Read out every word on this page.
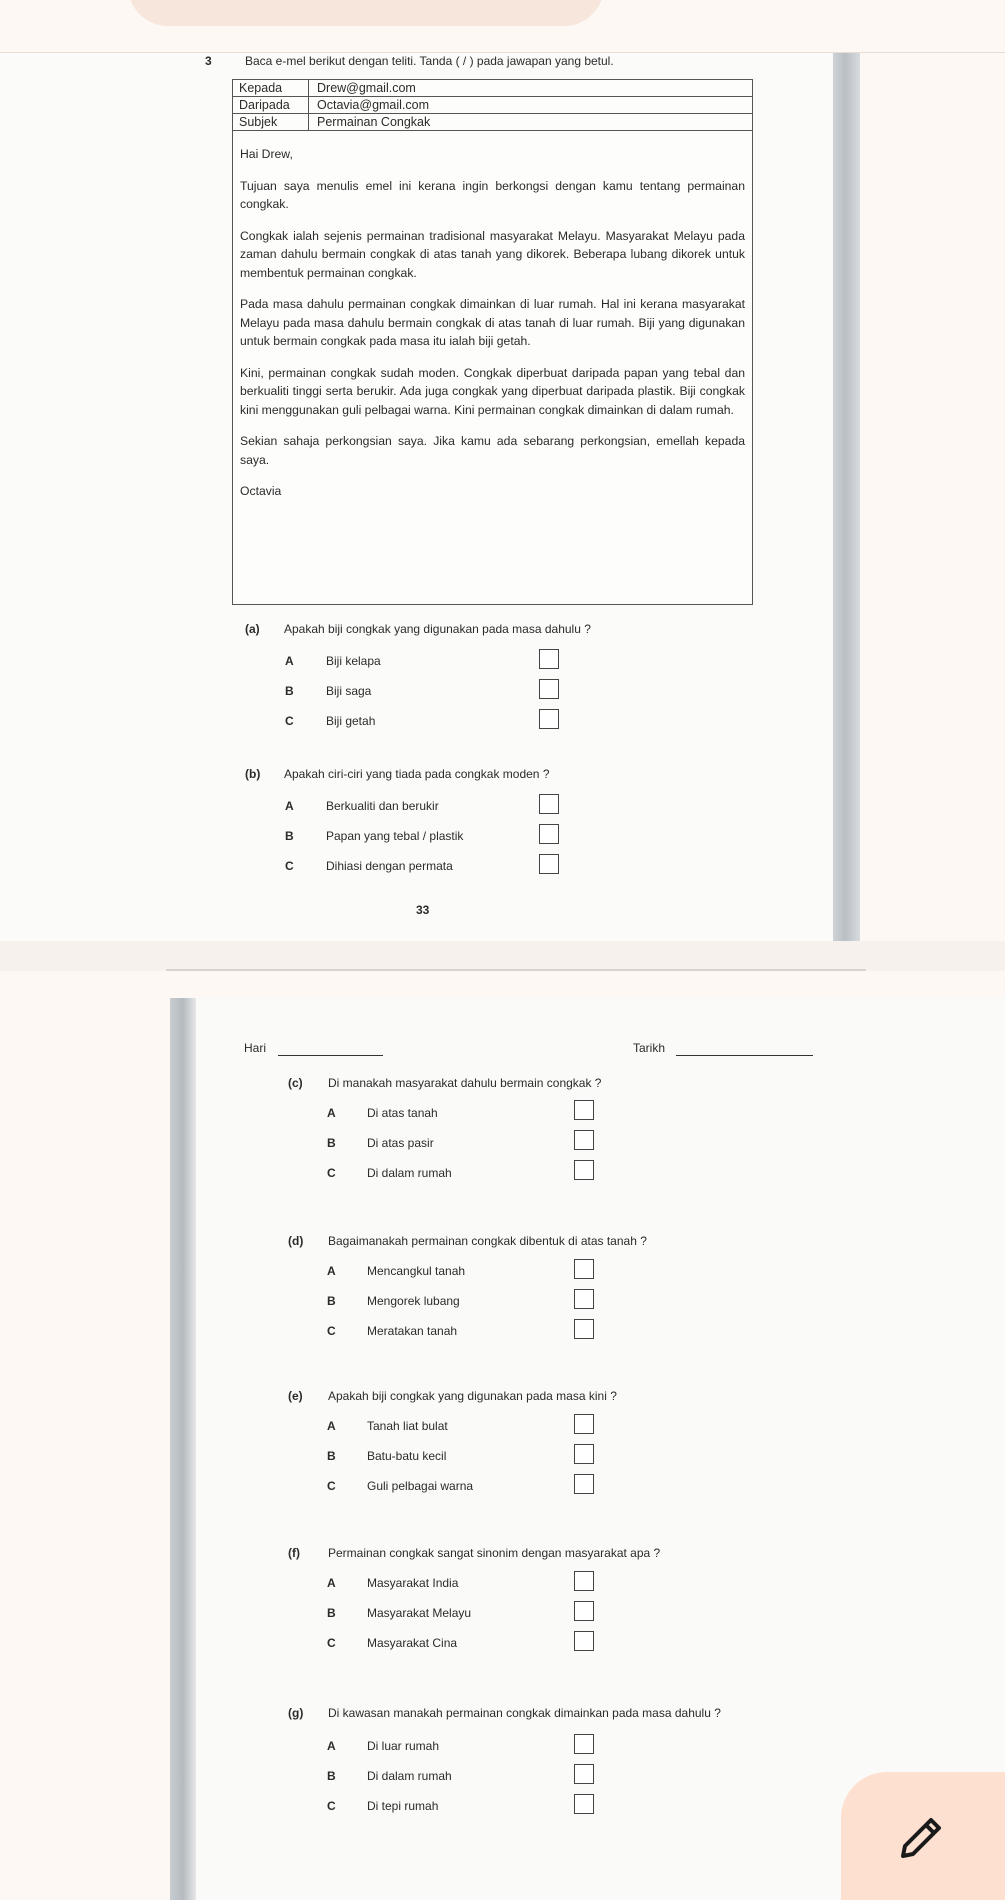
3	Baca e-mel berikut dengan teliti. Tanda ( / ) pada jawapan yang betul.
Kepada	Drew@gmail.com
Daripada	Octavia@gmail.com
Subjek	Permainan Congkak

Hai Drew,

Tujuan saya menulis emel ini kerana ingin berkongsi dengan kamu tentang permainan congkak.

Congkak ialah sejenis permainan tradisional masyarakat Melayu. Masyarakat Melayu pada zaman dahulu bermain congkak di atas tanah yang dikorek. Beberapa lubang dikorek untuk membentuk permainan congkak.

Pada masa dahulu permainan congkak dimainkan di luar rumah. Hal ini kerana masyarakat Melayu pada masa dahulu bermain congkak di atas tanah di luar rumah. Biji yang digunakan untuk bermain congkak pada masa itu ialah biji getah.

Kini, permainan congkak sudah moden. Congkak diperbuat daripada papan yang tebal dan berkualiti tinggi serta berukir. Ada juga congkak yang diperbuat daripada plastik. Biji congkak kini menggunakan guli pelbagai warna. Kini permainan congkak dimainkan di dalam rumah.

Sekian sahaja perkongsian saya. Jika kamu ada sebarang perkongsian, emellah kepada saya.

Octavia

(a) Apakah biji congkak yang digunakan pada masa dahulu ?
A	Biji kelapa
B	Biji saga
C	Biji getah
(b) Apakah ciri-ciri yang tiada pada congkak moden ?
A	Berkualiti dan berukir
B	Papan yang tebal / plastik
C	Dihiasi dengan permata
33
Hari	Tarikh
(c) Di manakah masyarakat dahulu bermain congkak ?
A	Di atas tanah
B	Di atas pasir
C	Di dalam rumah
(d) Bagaimanakah permainan congkak dibentuk di atas tanah ?
A	Mencangkul tanah
B	Mengorek lubang
C	Meratakan tanah
(e) Apakah biji congkak yang digunakan pada masa kini ?
A	Tanah liat bulat
B	Batu-batu kecil
C	Guli pelbagai warna
(f) Permainan congkak sangat sinonim dengan masyarakat apa ?
A	Masyarakat India
B	Masyarakat Melayu
C	Masyarakat Cina
(g) Di kawasan manakah permainan congkak dimainkan pada masa dahulu ?
A	Di luar rumah
B	Di dalam rumah
C	Di tepi rumah
